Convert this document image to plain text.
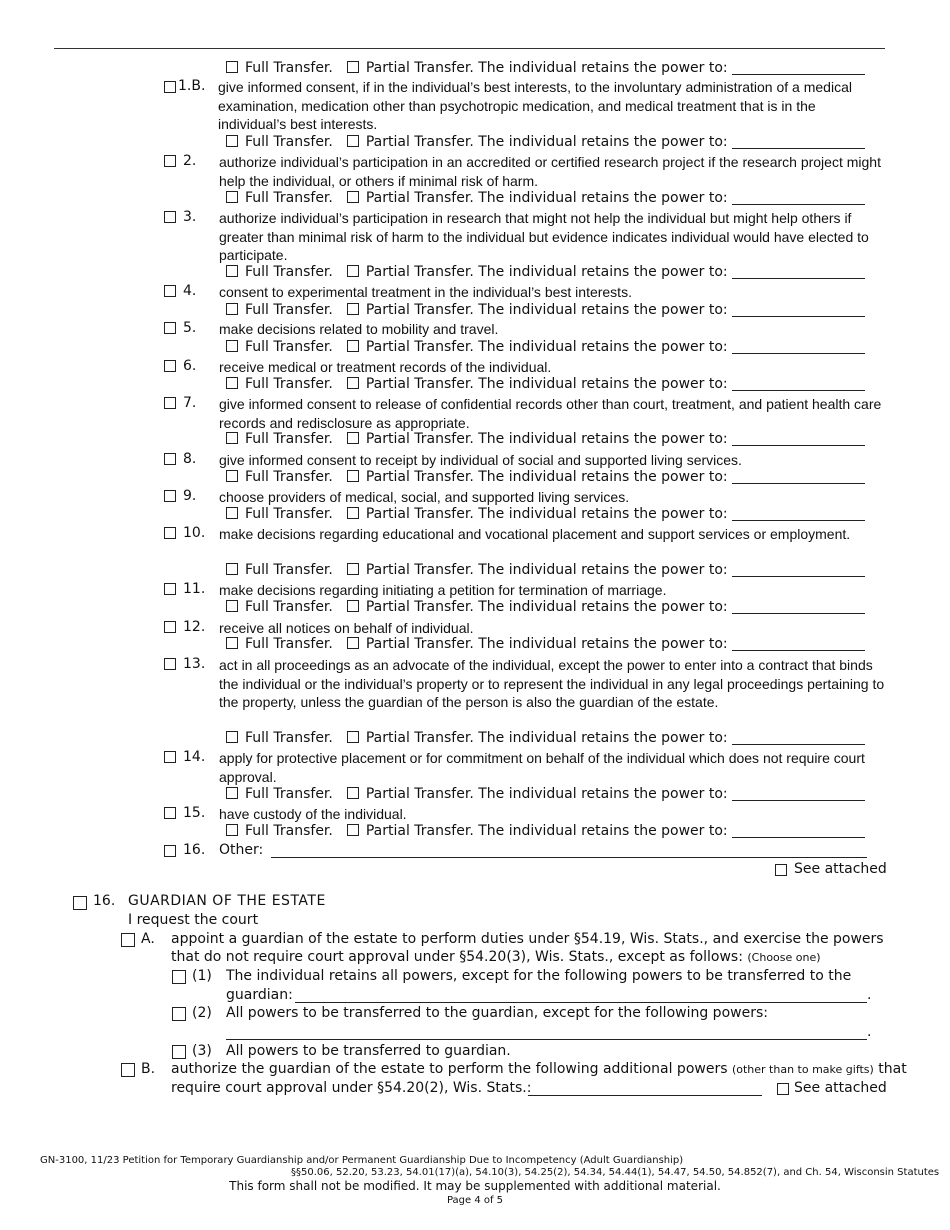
Full Transfer. Partial Transfer. The individual retains the power to:
1.B. give informed consent, if in the individual’s best interests, to the involuntary administration of a medical examination, medication other than psychotropic medication, and medical treatment that is in the individual’s best interests.
Full Transfer. Partial Transfer. The individual retains the power to:
2. authorize individual’s participation in an accredited or certified research project if the research project might help the individual, or others if minimal risk of harm.
Full Transfer. Partial Transfer. The individual retains the power to:
3. authorize individual’s participation in research that might not help the individual but might help others if greater than minimal risk of harm to the individual but evidence indicates individual would have elected to participate.
Full Transfer. Partial Transfer. The individual retains the power to:
4. consent to experimental treatment in the individual’s best interests.
Full Transfer. Partial Transfer. The individual retains the power to:
5. make decisions related to mobility and travel.
Full Transfer. Partial Transfer. The individual retains the power to:
6. receive medical or treatment records of the individual.
Full Transfer. Partial Transfer. The individual retains the power to:
7. give informed consent to release of confidential records other than court, treatment, and patient health care records and redisclosure as appropriate.
Full Transfer. Partial Transfer. The individual retains the power to:
8. give informed consent to receipt by individual of social and supported living services.
Full Transfer. Partial Transfer. The individual retains the power to:
9. choose providers of medical, social, and supported living services.
Full Transfer. Partial Transfer. The individual retains the power to:
10. make decisions regarding educational and vocational placement and support services or employment.
Full Transfer. Partial Transfer. The individual retains the power to:
11. make decisions regarding initiating a petition for termination of marriage.
Full Transfer. Partial Transfer. The individual retains the power to:
12. receive all notices on behalf of individual.
Full Transfer. Partial Transfer. The individual retains the power to:
13. act in all proceedings as an advocate of the individual, except the power to enter into a contract that binds the individual or the individual’s property or to represent the individual in any legal proceedings pertaining to the property, unless the guardian of the person is also the guardian of the estate.
Full Transfer. Partial Transfer. The individual retains the power to:
14. apply for protective placement or for commitment on behalf of the individual which does not require court approval.
Full Transfer. Partial Transfer. The individual retains the power to:
15. have custody of the individual.
Full Transfer. Partial Transfer. The individual retains the power to:
16. Other:
See attached
16. GUARDIAN OF THE ESTATE
I request the court
A. appoint a guardian of the estate to perform duties under §54.19, Wis. Stats., and exercise the powers
that do not require court approval under §54.20(3), Wis. Stats., except as follows: (Choose one)
(1) The individual retains all powers, except for the following powers to be transferred to the
guardian:	.
(2) All powers to be transferred to the guardian, except for the following powers:
.
(3) All powers to be transferred to guardian.
B. authorize the guardian of the estate to perform the following additional powers (other than to make gifts) that
require court approval under §54.20(2), Wis. Stats.:	See attached
GN-3100, 11/23 Petition for Temporary Guardianship and/or Permanent Guardianship Due to Incompetency (Adult Guardianship)
§§50.06, 52.20, 53.23, 54.01(17)(a), 54.10(3), 54.25(2), 54.34, 54.44(1), 54.47, 54.50, 54.852(7), and Ch. 54, Wisconsin Statutes
This form shall not be modified. It may be supplemented with additional material.
Page 4 of 5
